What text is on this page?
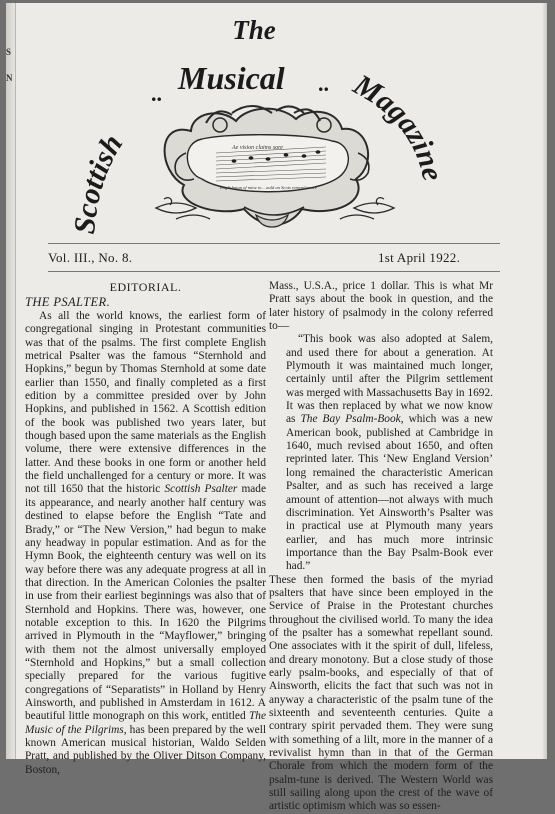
S
N
The
Musical
..	..
Scottish
Magazine
Ae vision claims sore
Englishman of mine to... auld an Scots remembrance
Vol. III., No. 8.	1st April 1922.
EDITORIAL.
THE PSALTER.

As all the world knows, the earliest form of congregational singing in Protestant communities was that of the psalms. The first complete English metrical Psalter was the famous “Sternhold and Hopkins,” begun by Thomas Sternhold at some date earlier than 1550, and finally completed as a first edition by a committee presided over by John Hopkins, and published in 1562. A Scottish edition of the book was published two years later, but though based upon the same materials as the English volume, there were extensive differences in the latter. And these books in one form or another held the field unchallenged for a century or more. It was not till 1650 that the historic Scottish Psalter made its appearance, and nearly another half century was destined to elapse before the English “Tate and Brady,” or “The New Version,” had begun to make any headway in popular estimation. And as for the Hymn Book, the eighteenth century was well on its way before there was any adequate progress at all in that direction. In the American Colonies the psalter in use from their earliest beginnings was also that of Sternhold and Hopkins. There was, however, one notable exception to this. In 1620 the Pilgrims arrived in Plymouth in the “Mayflower,” bringing with them not the almost universally employed “Sternhold and Hopkins,” but a small collection specially prepared for the various fugitive congregations of “Separatists” in Holland by Henry Ainsworth, and published in Amsterdam in 1612. A beautiful little monograph on this work, entitled The Music of the Pilgrims, has been prepared by the well known American musical historian, Waldo Selden Pratt, and published by the Oliver Ditson Company, Boston,

Mass., U.S.A., price 1 dollar. This is what Mr Pratt says about the book in question, and the later history of psalmody in the colony referred to—

“This book was also adopted at Salem, and used there for about a generation. At Plymouth it was maintained much longer, certainly until after the Pilgrim settlement was merged with Massachusetts Bay in 1692. It was then replaced by what we now know as The Bay Psalm-Book, which was a new American book, published at Cambridge in 1640, much revised about 1650, and often reprinted later. This ‘New England Version’ long remained the characteristic American Psalter, and as such has received a large amount of attention—not always with much discrimination. Yet Ainsworth’s Psalter was in practical use at Plymouth many years earlier, and has much more intrinsic importance than the Bay Psalm-Book ever had.”

These then formed the basis of the myriad psalters that have since been employed in the Service of Praise in the Protestant churches throughout the civilised world. To many the idea of the psalter has a somewhat repellant sound. One associates with it the spirit of dull, lifeless, and dreary monotony. But a close study of those early psalm-books, and especially of that of Ainsworth, elicits the fact that such was not in anyway a characteristic of the psalm tune of the sixteenth and seventeenth centuries. Quite a contrary spirit pervaded them. They were sung with something of a lilt, more in the manner of a revivalist hymn than in that of the German Chorale from which the modern form of the psalm-tune is derived. The Western World was still sailing along upon the crest of the wave of artistic optimism which was so essen-
